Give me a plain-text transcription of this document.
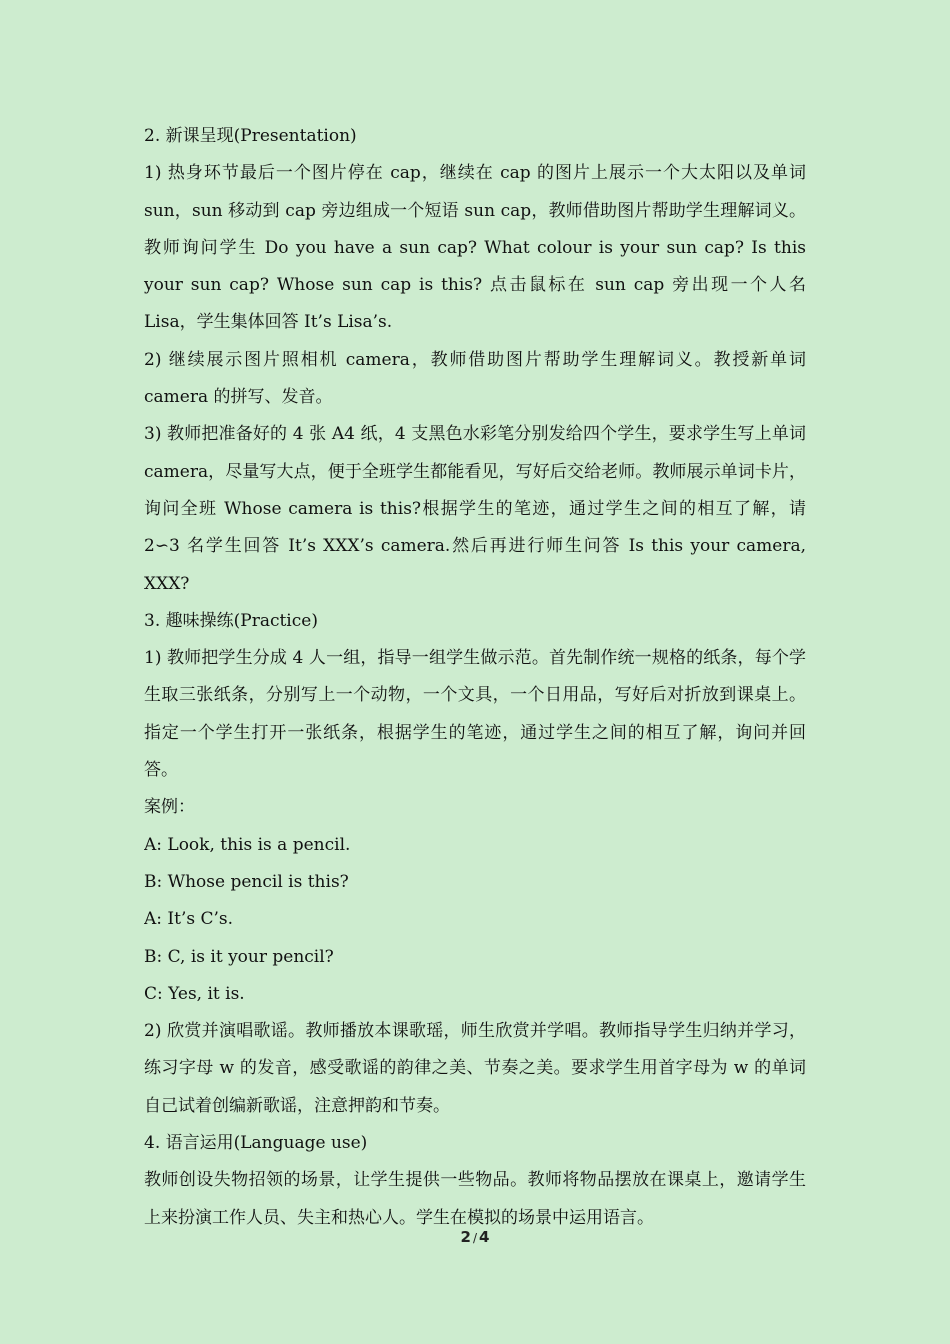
2. 新课呈现(Presentation)

1) 热身环节最后一个图片停在 cap，继续在 cap 的图片上展示一个大太阳以及单词 sun，sun 移动到 cap 旁边组成一个短语 sun cap，教师借助图片帮助学生理解词义。教师询问学生 Do you have a sun cap? What colour is your sun cap? Is this your sun cap? Whose sun cap is this? 点击鼠标在 sun cap 旁出现一个人名 Lisa，学生集体回答 It’s Lisa’s.

2) 继续展示图片照相机 camera，教师借助图片帮助学生理解词义。教授新单词 camera 的拼写、发音。

3) 教师把准备好的 4 张 A4 纸，4 支黑色水彩笔分别发给四个学生，要求学生写上单词 camera，尽量写大点，便于全班学生都能看见，写好后交给老师。教师展示单词卡片，询问全班 Whose camera is this?根据学生的笔迹，通过学生之间的相互了解，请 2∽3 名学生回答 It’s XXX’s camera.然后再进行师生问答 Is this your camera, XXX?

3. 趣味操练(Practice)

1) 教师把学生分成 4 人一组，指导一组学生做示范。首先制作统一规格的纸条，每个学生取三张纸条，分别写上一个动物，一个文具，一个日用品，写好后对折放到课桌上。指定一个学生打开一张纸条，根据学生的笔迹，通过学生之间的相互了解，询问并回答。

案例：
A: Look, this is a pencil.
B: Whose pencil is this?
A: It’s C’s.
B: C, is it your pencil?
C: Yes, it is.

2) 欣赏并演唱歌谣。教师播放本课歌瑶，师生欣赏并学唱。教师指导学生归纳并学习，练习字母 w 的发音，感受歌谣的韵律之美、节奏之美。要求学生用首字母为 w 的单词自己试着创编新歌谣，注意押韵和节奏。

4. 语言运用(Language use)

教师创设失物招领的场景，让学生提供一些物品。教师将物品摆放在课桌上，邀请学生上来扮演工作人员、失主和热心人。学生在模拟的场景中运用语言。

2 / 4
